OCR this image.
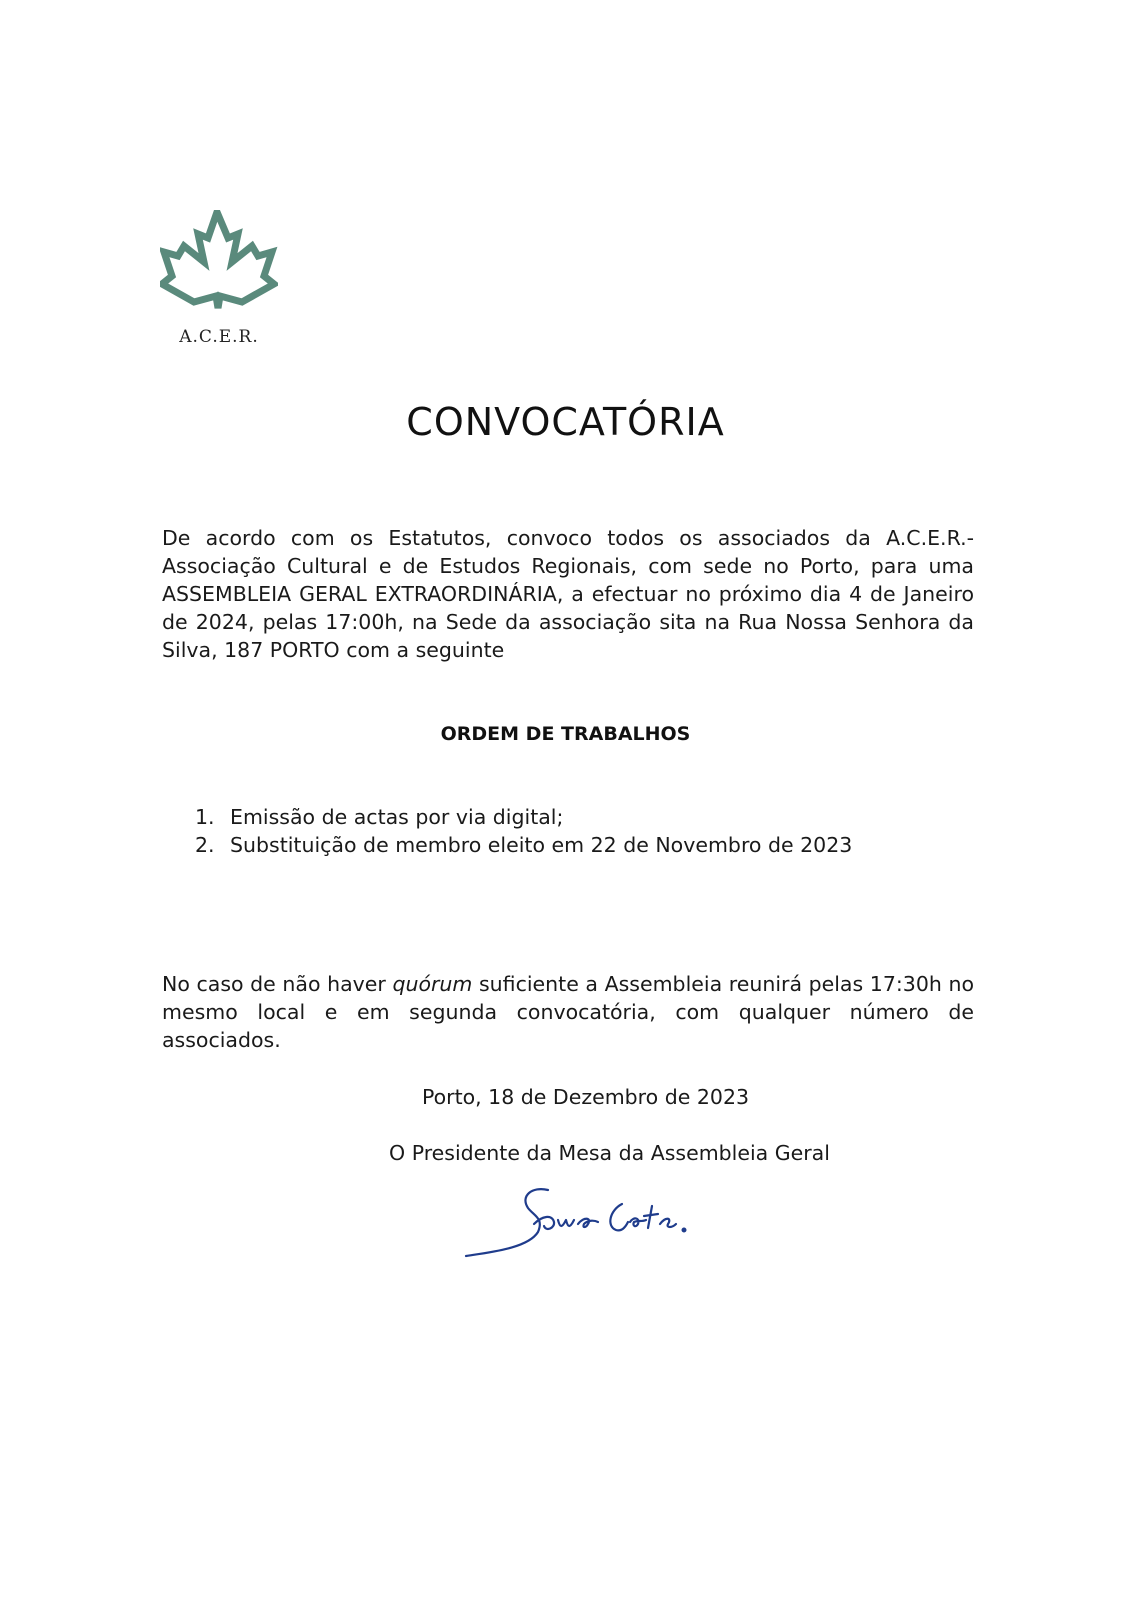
A.C.E.R.
CONVOCATÓRIA

De acordo com os Estatutos, convoco todos os associados da A.C.E.R.- Associação Cultural e de Estudos Regionais, com sede no Porto, para uma ASSEMBLEIA GERAL EXTRAORDINÁRIA, a efectuar no próximo dia 4 de Janeiro de 2024, pelas 17:00h, na Sede da associação sita na Rua Nossa Senhora da Silva, 187 PORTO com a seguinte

ORDEM DE TRABALHOS
1. Emissão de actas por via digital;
2. Substituição de membro eleito em 22 de Novembro de 2023

No caso de não haver quórum suficiente a Assembleia reunirá pelas 17:30h no mesmo local e em segunda convocatória, com qualquer número de associados.

Porto, 18 de Dezembro de 2023

O Presidente da Mesa da Assembleia Geral
